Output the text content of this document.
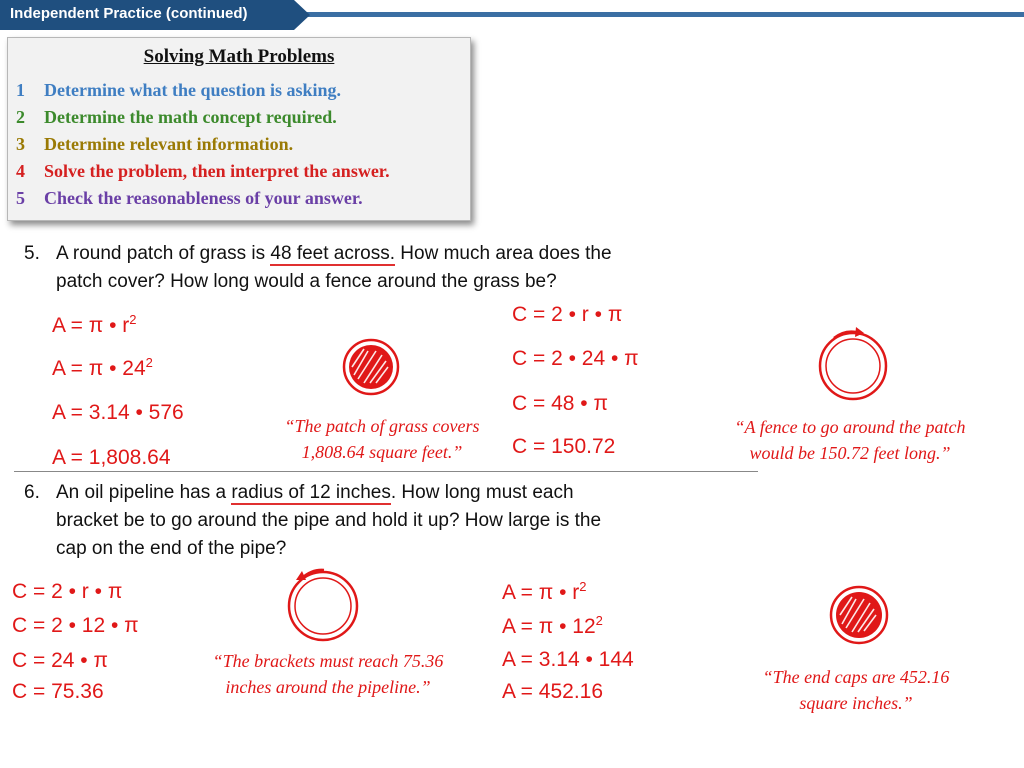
Independent Practice (continued)
Solving Math Problems
1 Determine what the question is asking.
2 Determine the math concept required.
3 Determine relevant information.
4 Solve the problem, then interpret the answer.
5 Check the reasonableness of your answer.
5. A round patch of grass is 48 feet across. How much area does the
patch cover? How long would a fence around the grass be?
A = π • $r^2$
A = π • $24^2$
A = 3.14 • 576
A = 1,808.64
“The patch of grass covers
1,808.64 square feet.”
C = 2 • r • π
C = 2 • 24 • π
C = 48 • π
C = 150.72
“A fence to go around the patch
would be 150.72 feet long.”
6. An oil pipeline has a radius of 12 inches. How long must each
bracket be to go around the pipe and hold it up? How large is the
cap on the end of the pipe?
C = 2 • r • π
C = 2 • 12 • π
C = 24 • π
C = 75.36
“The brackets must reach 75.36
inches around the pipeline.”
A = π • $r^2$
A = π • $12^2$
A = 3.14 • 144
A = 452.16
“The end caps are 452.16
square inches.”
